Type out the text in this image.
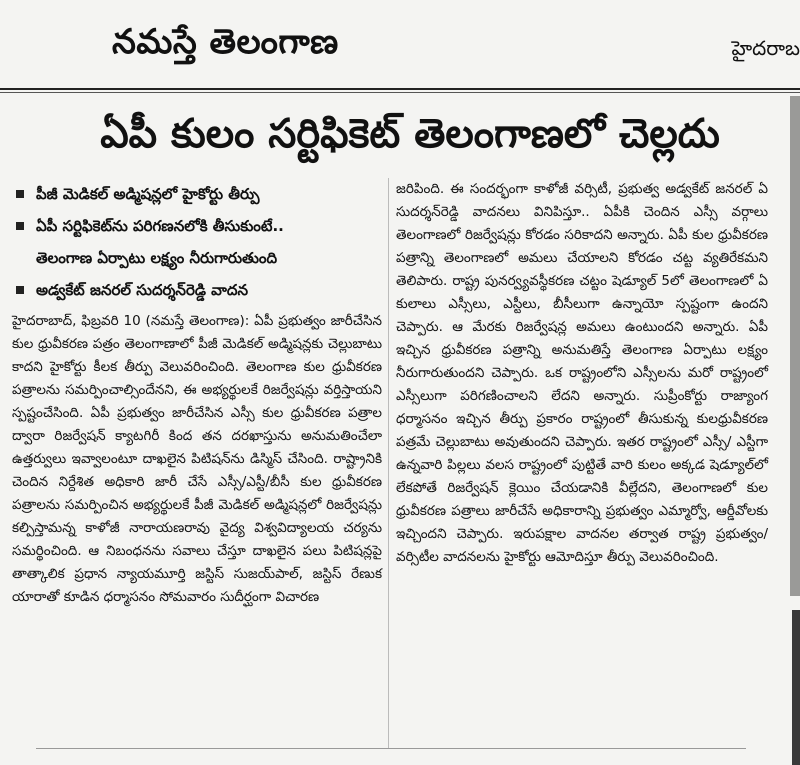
నమస్తే తెలంగాణ	హైదరాబ
ఏపీ కులం సర్టిఫికెట్ తెలంగాణలో చెల్లదు
పీజీ మెడికల్ అడ్మిషన్లలో హైకోర్టు తీర్పు
ఏపీ సర్టిఫికెట్‌ను పరిగణనలోకి తీసుకుంటే..
తెలంగాణ ఏర్పాటు లక్ష్యం నీరుగారుతుంది
అడ్వకేట్ జనరల్ సుదర్శన్‌రెడ్డి వాదన

హైదరాబాద్, ఫిబ్రవరి 10 (నమస్తే తెలంగాణ): ఏపీ ప్రభుత్వం జారీచేసిన కుల ధ్రువీకరణ పత్రం తెలంగాణాలో పీజీ మెడికల్ అడ్మిషన్లకు చెల్లుబాటు కాదని హైకోర్టు కీలక తీర్పు వెలువరించింది. తెలంగాణ కుల ధ్రువీకరణ పత్రాలను సమర్పించాల్సిందేనని, ఈ అభ్యర్థులకే రిజర్వేషన్లు వర్తిస్తాయని స్పష్టంచేసింది. ఏపీ ప్రభుత్వం జారీచేసిన ఎస్సీ కుల ధ్రువీకరణ పత్రాల ద్వారా రిజర్వేషన్ క్యాటగిరీ కింద తన దరఖాస్తును అనుమతించేలా ఉత్తర్వులు ఇవ్వాలంటూ దాఖలైన పిటిషన్‌ను డిస్మిస్ చేసింది. రాష్ట్రానికి చెందిన నిర్దేశిత అధికారి జారీ చేసే ఎస్సీ/ఎస్టీ/బీసీ కుల ధ్రువీకరణ పత్రాలను సమర్పించిన అభ్యర్థులకే పీజీ మెడికల్ అడ్మిషన్లలో రిజర్వేషన్లు కల్పిస్తామన్న కాళోజీ నారాయణరావు వైద్య విశ్వవిద్యాలయ చర్యను సమర్థించింది. ఆ నిబంధనను సవాలు చేస్తూ దాఖలైన పలు పిటిషన్లపై తాత్కాలిక ప్రధాన న్యాయమూర్తి జస్టిస్ సుజయ్‌పాల్, జస్టిస్ రేణుక యారాతో కూడిన ధర్మాసనం సోమవారం సుదీర్ఘంగా విచారణ

జరిపింది. ఈ సందర్భంగా కాళోజీ వర్సిటీ, ప్రభుత్వ అడ్వకేట్ జనరల్ ఏ సుదర్శన్‌రెడ్డి వాదనలు వినిపిస్తూ.. ఏపీకి చెందిన ఎస్సీ వర్గాలు తెలంగాణలో రిజర్వేషన్లు కోరడం సరికాదని అన్నారు. ఏపీ కుల ధ్రువీకరణ పత్రాన్ని తెలంగాణలో అమలు చేయాలని కోరడం చట్ట వ్యతిరేకమని తెలిపారు. రాష్ట్ర పునర్వ్యవస్థీకరణ చట్టం షెడ్యూల్ 5లో తెలంగాణలో ఏ కులాలు ఎస్సీలు, ఎస్టీలు, బీసీలుగా ఉన్నాయో స్పష్టంగా ఉందని చెప్పారు. ఆ మేరకు రిజర్వేషన్ల అమలు ఉంటుందని అన్నారు. ఏపీ ఇచ్చిన ధ్రువీకరణ పత్రాన్ని అనుమతిస్తే తెలంగాణ ఏర్పాటు లక్ష్యం నీరుగారుతుందని చెప్పారు. ఒక రాష్ట్రంలోని ఎస్సీలను మరో రాష్ట్రంలో ఎస్సీలుగా పరిగణించాలని లేదని అన్నారు. సుప్రీంకోర్టు రాజ్యాంగ ధర్మాసనం ఇచ్చిన తీర్పు ప్రకారం రాష్ట్రంలో తీసుకున్న కులధ్రువీకరణ పత్రమే చెల్లుబాటు అవుతుందని చెప్పారు. ఇతర రాష్ట్రంలో ఎస్సీ/ ఎస్టీగా ఉన్నవారి పిల్లలు వలస రాష్ట్రంలో పుట్టితే వారి కులం అక్కడ షెడ్యూల్‌లో లేకపోతే రిజర్వేషన్ క్లెయిం చేయడానికి వీల్లేదని, తెలంగాణలో కుల ధ్రువీకరణ పత్రాలు జారీచేసే అధికారాన్ని ప్రభుత్వం ఎమ్మార్వో, ఆర్డీవోలకు ఇచ్చిందని చెప్పారు. ఇరుపక్షాల వాదనల తర్వాత రాష్ట్ర ప్రభుత్వం/వర్సిటీల వాదనలను హైకోర్టు ఆమోదిస్తూ తీర్పు వెలువరించింది.
